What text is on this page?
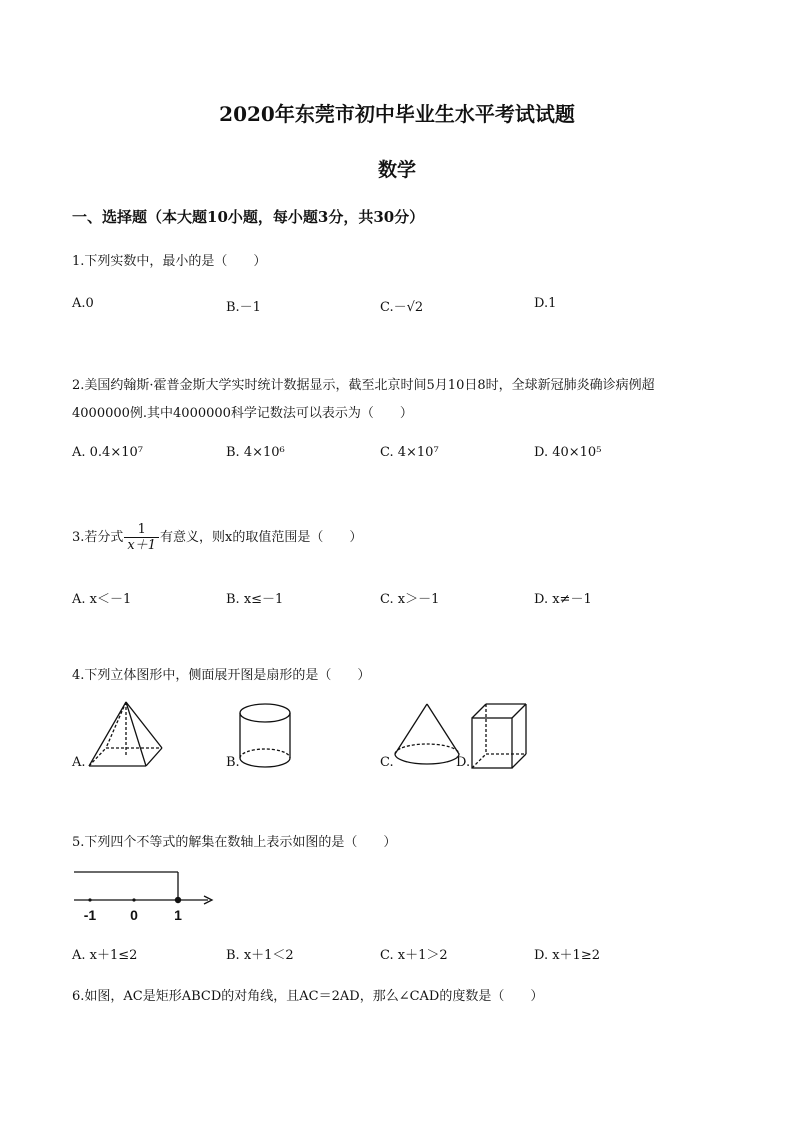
2020年东莞市初中毕业生水平考试试题
数学
一、选择题（本大题10小题，每小题3分，共30分）
1.下列实数中，最小的是（　　）
A.0	B.－1	C.－√2	D.1
2.美国约翰斯·霍普金斯大学实时统计数据显示，截至北京时间5月10日8时，全球新冠肺炎确诊病例超
4000000例.其中4000000科学记数法可以表示为（　　）
A. 0.4×10⁷	B. 4×10⁶	C. 4×10⁷	D. 40×10⁵
3.若分式 $\frac{1}{x+1}$ 有意义，则x的取值范围是（　　）
A. x＜－1	B. x≤－1	C. x＞－1	D. x≠－1
4.下列立体图形中，侧面展开图是扇形的是（　　）
A.	B.	C.	D.
5.下列四个不等式的解集在数轴上表示如图的是（　　）
-1 0	1
A. x＋1≤2	B. x＋1＜2	C. x＋1＞2	D. x＋1≥2
6.如图，AC是矩形ABCD的对角线，且AC＝2AD，那么∠CAD的度数是（　　）
